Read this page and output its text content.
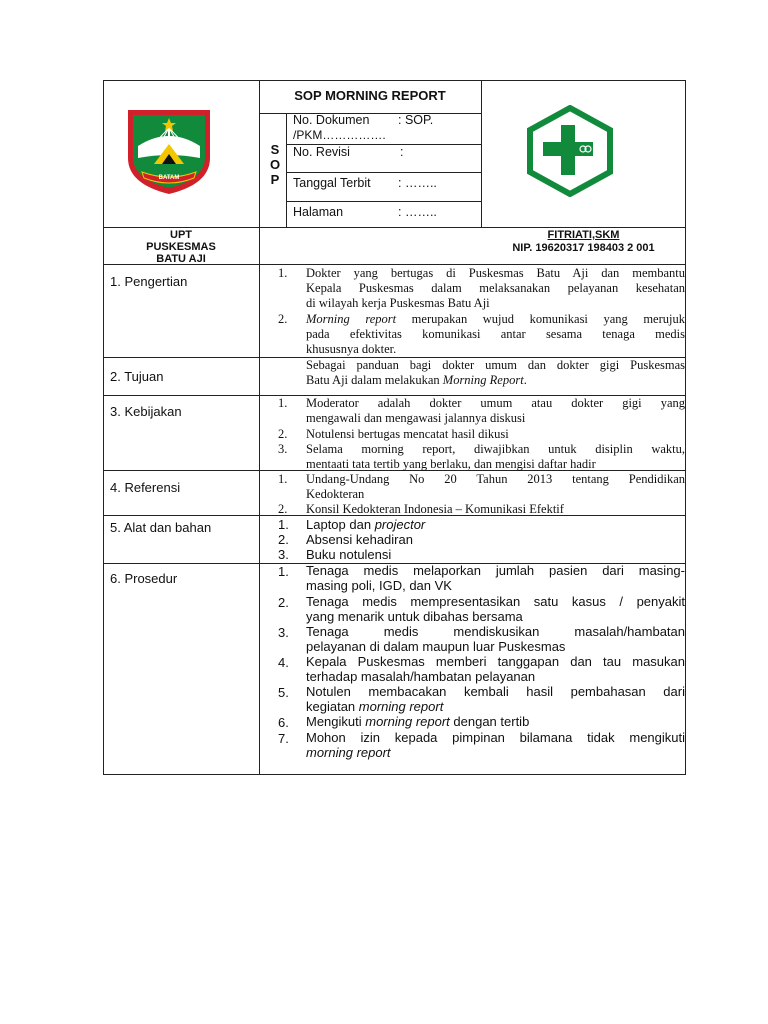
BATAM
SOP MORNING REPORT
S
O
P
No. Dokumen : SOP.
/PKM…………….
No. Revisi	:
Tanggal Terbit : ……..
Halaman	: ……..
UPT
PUSKESMAS
BATU AJI
FITRIATI,SKM
NIP. 19620317 198403 2 001
1. Pengertian
2. Tujuan
3. Kebijakan
4. Referensi
5. Alat dan bahan
6. Prosedur
1. Dokter yang bertugas di Puskesmas Batu Aji dan membantu
Kepala Puskesmas dalam melaksanakan pelayanan kesehatan
di wilayah kerja Puskesmas Batu Aji
2. Morning report merupakan wujud komunikasi yang merujuk
pada efektivitas komunikasi antar sesama tenaga medis
khususnya dokter.
Sebagai panduan bagi dokter umum dan dokter gigi Puskesmas
Batu Aji dalam melakukan Morning Report.
1. Moderator adalah dokter umum atau dokter gigi yang
mengawali dan mengawasi jalannya diskusi
2. Notulensi bertugas mencatat hasil dikusi
3. Selama morning report, diwajibkan untuk disiplin waktu,
mentaati tata tertib yang berlaku, dan mengisi daftar hadir
1. Undang-Undang No 20 Tahun 2013 tentang Pendidikan
Kedokteran
2. Konsil Kedokteran Indonesia – Komunikasi Efektif
1. Laptop dan projector
2. Absensi kehadiran
3. Buku notulensi
1. Tenaga medis melaporkan jumlah pasien dari masing-
masing poli, IGD, dan VK
2. Tenaga medis mempresentasikan satu kasus / penyakit
yang menarik untuk dibahas bersama
3. Tenaga medis mendiskusikan masalah/hambatan
pelayanan di dalam maupun luar Puskesmas
4. Kepala Puskesmas memberi tanggapan dan tau masukan
terhadap masalah/hambatan pelayanan
5. Notulen membacakan kembali hasil pembahasan dari
kegiatan morning report
6. Mengikuti morning report dengan tertib
7. Mohon izin kepada pimpinan bilamana tidak mengikuti
morning report
